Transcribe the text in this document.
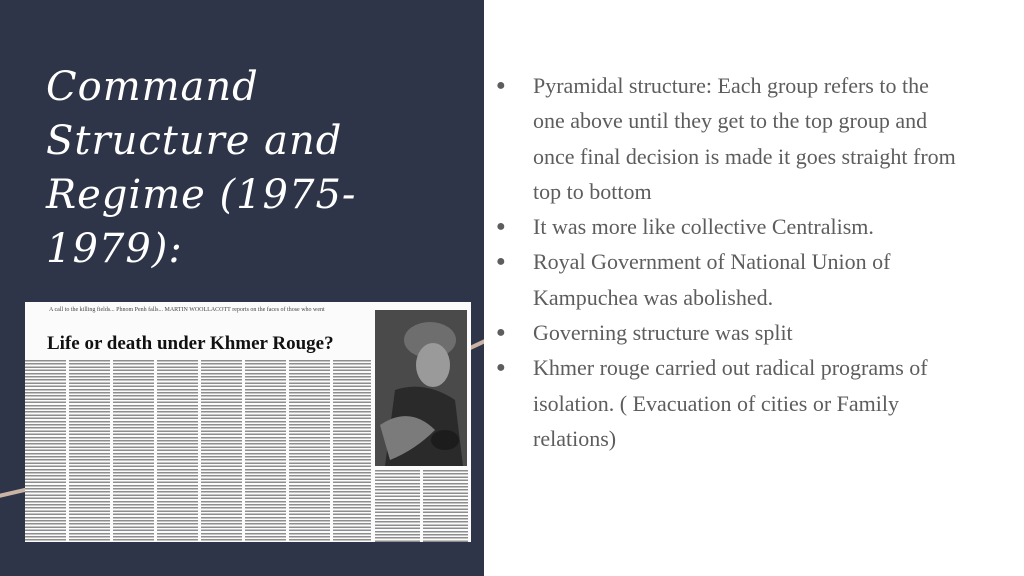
Command Structure and Regime (1975-1979):
A call to the killing fields... Phnom Penh falls... MARTIN WOOLLACOTT reports on the faces of those who went
Life or death under Khmer Rouge?
● Pyramidal structure: Each group refers to the one above until they get to the top group and once final decision is made it goes straight from top to bottom
● It was more like collective Centralism.
● Royal Government of National Union of Kampuchea was abolished.
● Governing structure was split
● Khmer rouge carried out radical programs of isolation. ( Evacuation of cities or Family relations)
